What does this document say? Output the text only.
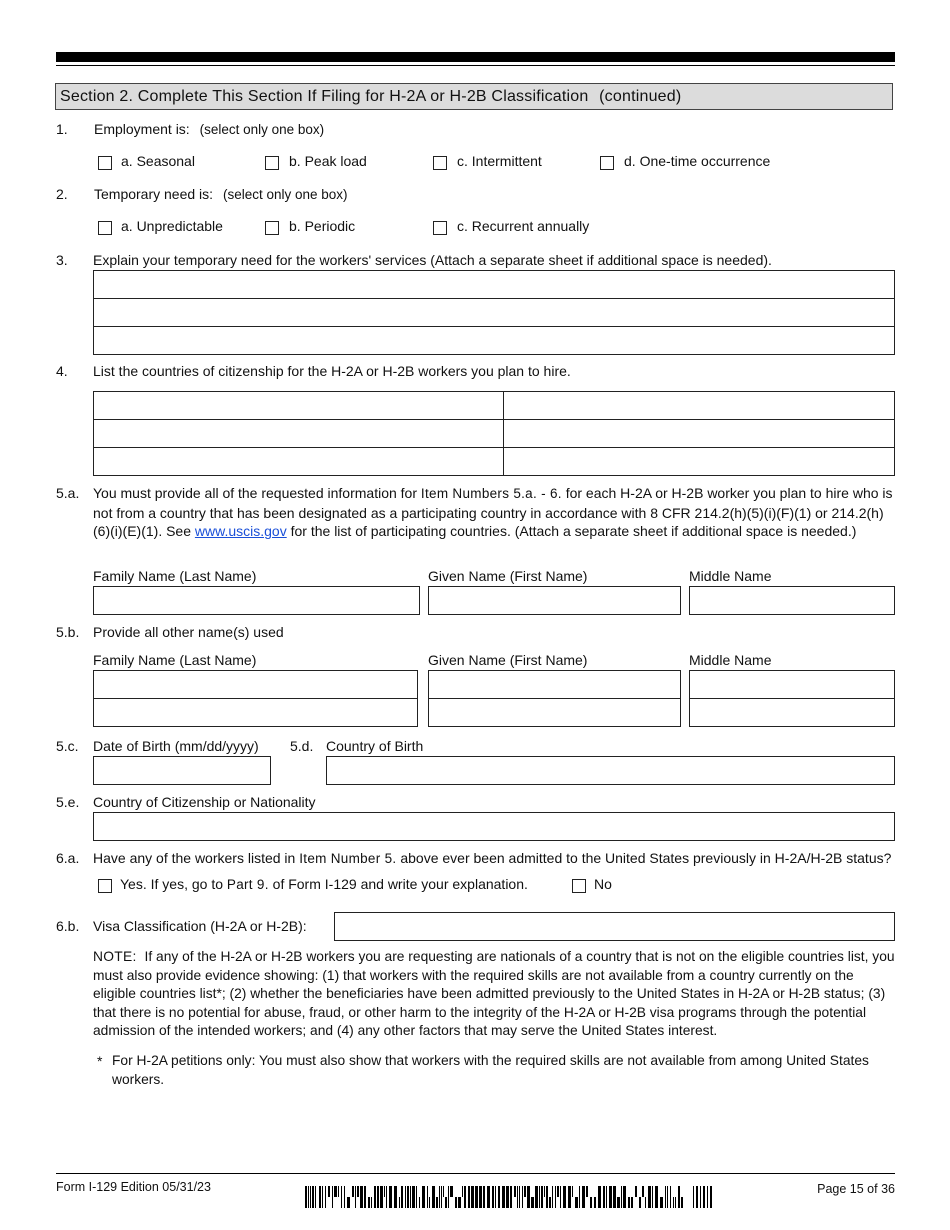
Section 2. Complete This Section If Filing for H-2A or H-2B Classification (continued)
1. Employment is: (select only one box)
a. Seasonal	b. Peak load	c. Intermittent	d. One-time occurrence
2. Temporary need is: (select only one box)
a. Unpredictable	b. Periodic	c. Recurrent annually
3. Explain your temporary need for the workers' services (Attach a separate sheet if additional space is needed).
4. List the countries of citizenship for the H-2A or H-2B workers you plan to hire.
5.a. You must provide all of the requested information for Item Numbers 5.a. - 6. for each H-2A or H-2B worker you plan to hire who is not from a country that has been designated as a participating country in accordance with 8 CFR 214.2(h)(5)(i)(F)(1) or 214.2(h)(6)(i)(E)(1). See www.uscis.gov for the list of participating countries. (Attach a separate sheet if additional space is needed.)
Family Name (Last Name)	Given Name (First Name)	Middle Name
5.b. Provide all other name(s) used
Family Name (Last Name)	Given Name (First Name)	Middle Name
5.c. Date of Birth (mm/dd/yyyy) 5.d. Country of Birth
5.e. Country of Citizenship or Nationality
6.a. Have any of the workers listed in Item Number 5. above ever been admitted to the United States previously in H-2A/H-2B status?
Yes. If yes, go to Part 9. of Form I-129 and write your explanation.	No
6.b. Visa Classification (H-2A or H-2B):
NOTE: If any of the H-2A or H-2B workers you are requesting are nationals of a country that is not on the eligible countries list, you must also provide evidence showing: (1) that workers with the required skills are not available from a country currently on the eligible countries list*; (2) whether the beneficiaries have been admitted previously to the United States in H-2A or H-2B status; (3) that there is no potential for abuse, fraud, or other harm to the integrity of the H-2A or H-2B visa programs through the potential admission of the intended workers; and (4) any other factors that may serve the United States interest.
* For H-2A petitions only: You must also show that workers with the required skills are not available from among United States workers.
Form I-129 Edition 05/31/23	Page 15 of 36
